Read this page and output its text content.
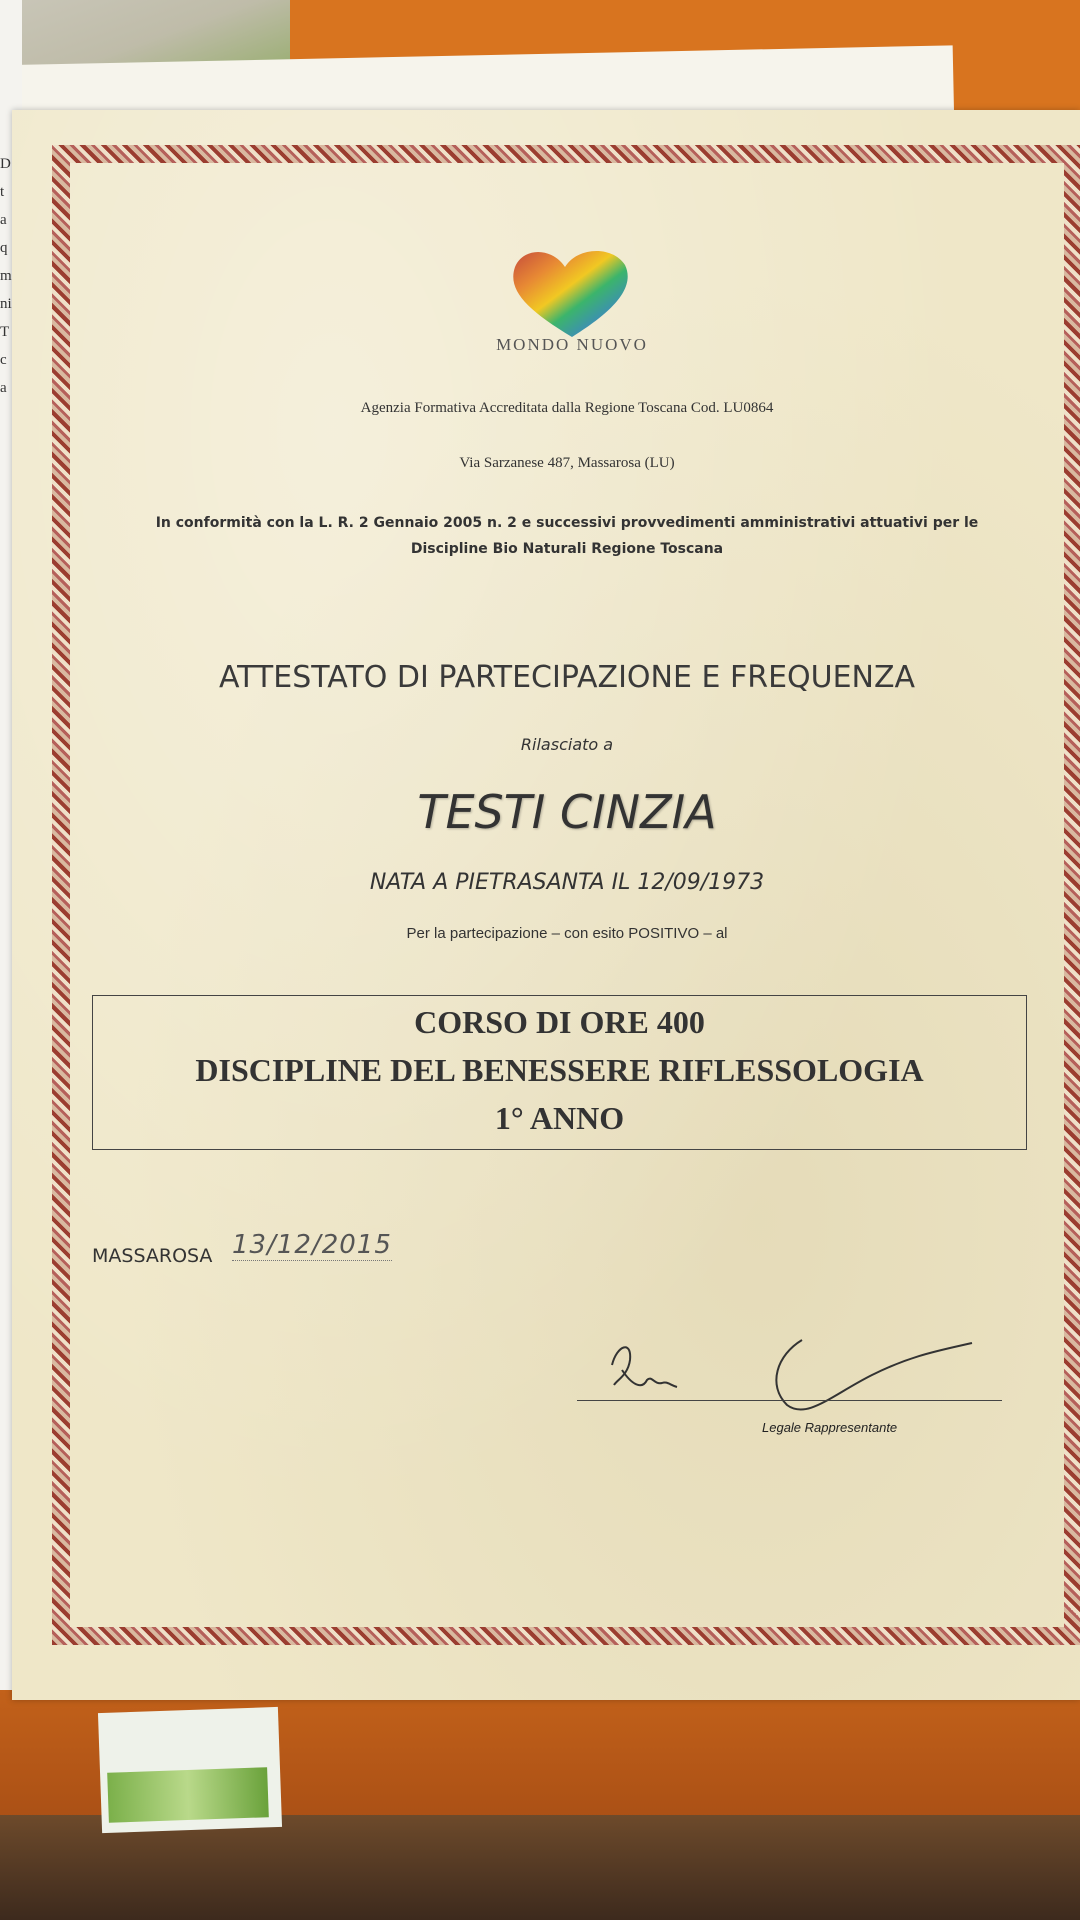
D
t
a
q
m
ni
T
c
a
MONDO NUOVO
Agenzia Formativa Accreditata dalla Regione Toscana Cod. LU0864
Via Sarzanese 487, Massarosa (LU)
In conformità con la L. R. 2 Gennaio 2005 n. 2 e successivi provvedimenti amministrativi attuativi per le
Discipline Bio Naturali Regione Toscana
ATTESTATO DI PARTECIPAZIONE E FREQUENZA
Rilasciato a
TESTI CINZIA
NATA A PIETRASANTA IL 12/09/1973
Per la partecipazione – con esito POSITIVO – al
CORSO DI ORE 400
DISCIPLINE DEL BENESSERE RIFLESSOLOGIA
1° ANNO
MASSAROSA 13/12/2015
Legale Rappresentante
